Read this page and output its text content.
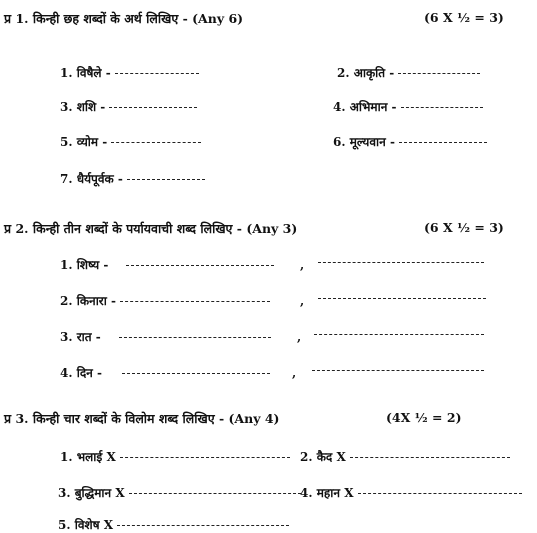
प्र 1. किन्ही छह शब्दों के अर्थ लिखिए - (Any 6)	(6 X ½ = 3)
1. विषैले -	2. आकृति -
3. शशि -	4. अभिमान -
5. व्योम -	6. मूल्यवान -
7. धैर्यपूर्वक -
प्र 2. किन्ही तीन शब्दों के पर्यायवाची शब्द लिखिए - (Any 3)	(6 X ½ = 3)
1. शिष्य -	,
2. किनारा -	,
3. रात -	,
4. दिन -	,
प्र 3. किन्ही चार शब्दों के विलोम शब्द लिखिए - (Any 4)	(4X ½ = 2)
1. भलाई X	2. कैद X
3. बुद्धिमान X	4. महान X
5. विशेष X
